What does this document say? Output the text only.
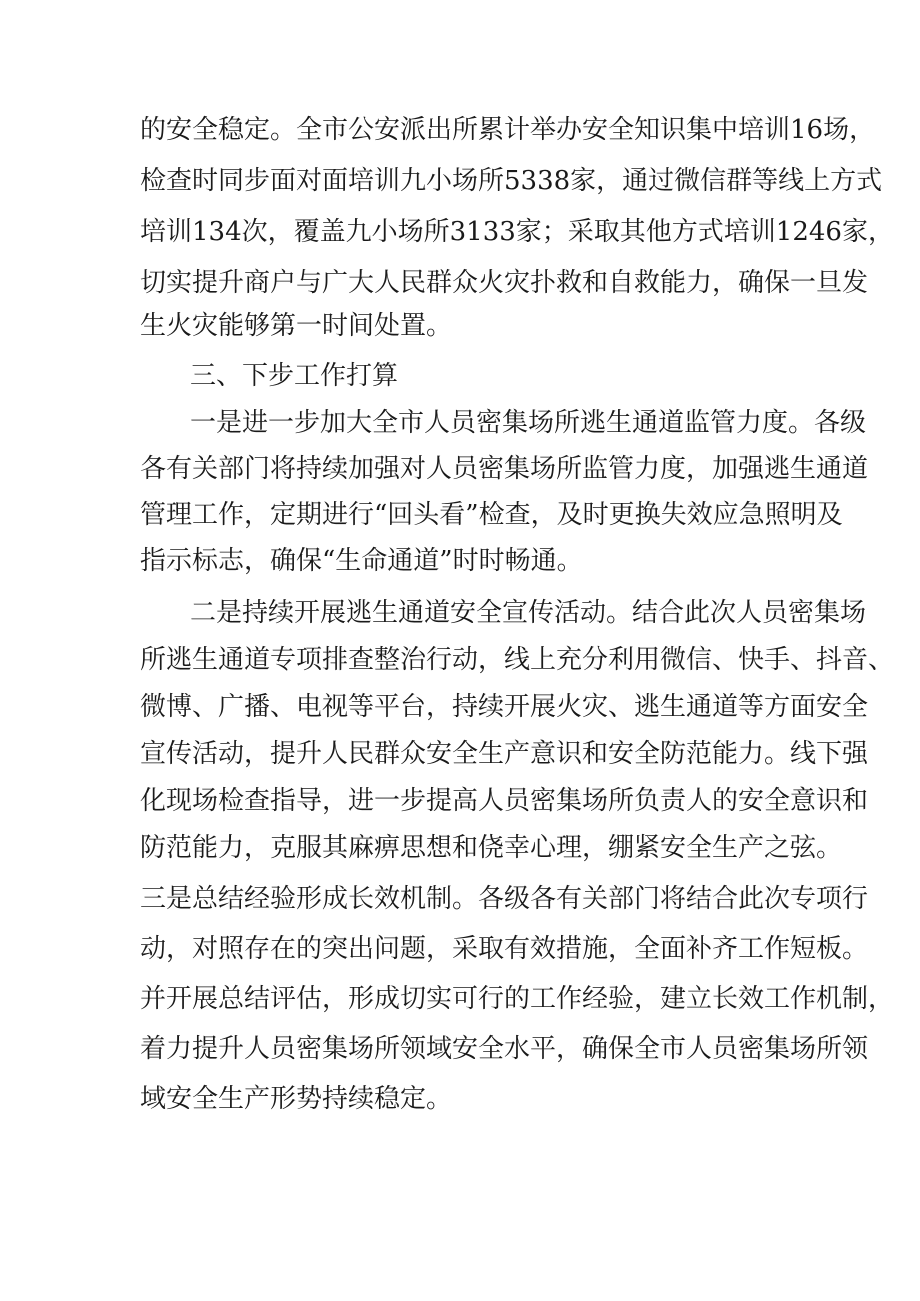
的安全稳定。全市公安派出所累计举办安全知识集中培训16场，
检查时同步面对面培训九小场所5338家，通过微信群等线上方式
培训134次，覆盖九小场所3133家；采取其他方式培训1246家，
切实提升商户与广大人民群众火灾扑救和自救能力，确保一旦发
生火灾能够第一时间处置。
三、下步工作打算
一是进一步加大全市人员密集场所逃生通道监管力度。各级
各有关部门将持续加强对人员密集场所监管力度，加强逃生通道
管理工作，定期进行“回头看”检查，及时更换失效应急照明及
指示标志，确保“生命通道”时时畅通。
二是持续开展逃生通道安全宣传活动。结合此次人员密集场
所逃生通道专项排查整治行动，线上充分利用微信、快手、抖音、
微博、广播、电视等平台，持续开展火灾、逃生通道等方面安全
宣传活动，提升人民群众安全生产意识和安全防范能力。线下强
化现场检查指导，进一步提高人员密集场所负责人的安全意识和
防范能力，克服其麻痹思想和侥幸心理，绷紧安全生产之弦。
三是总结经验形成长效机制。各级各有关部门将结合此次专项行
动，对照存在的突出问题，采取有效措施，全面补齐工作短板。
并开展总结评估，形成切实可行的工作经验，建立长效工作机制，
着力提升人员密集场所领域安全水平，确保全市人员密集场所领
域安全生产形势持续稳定。
